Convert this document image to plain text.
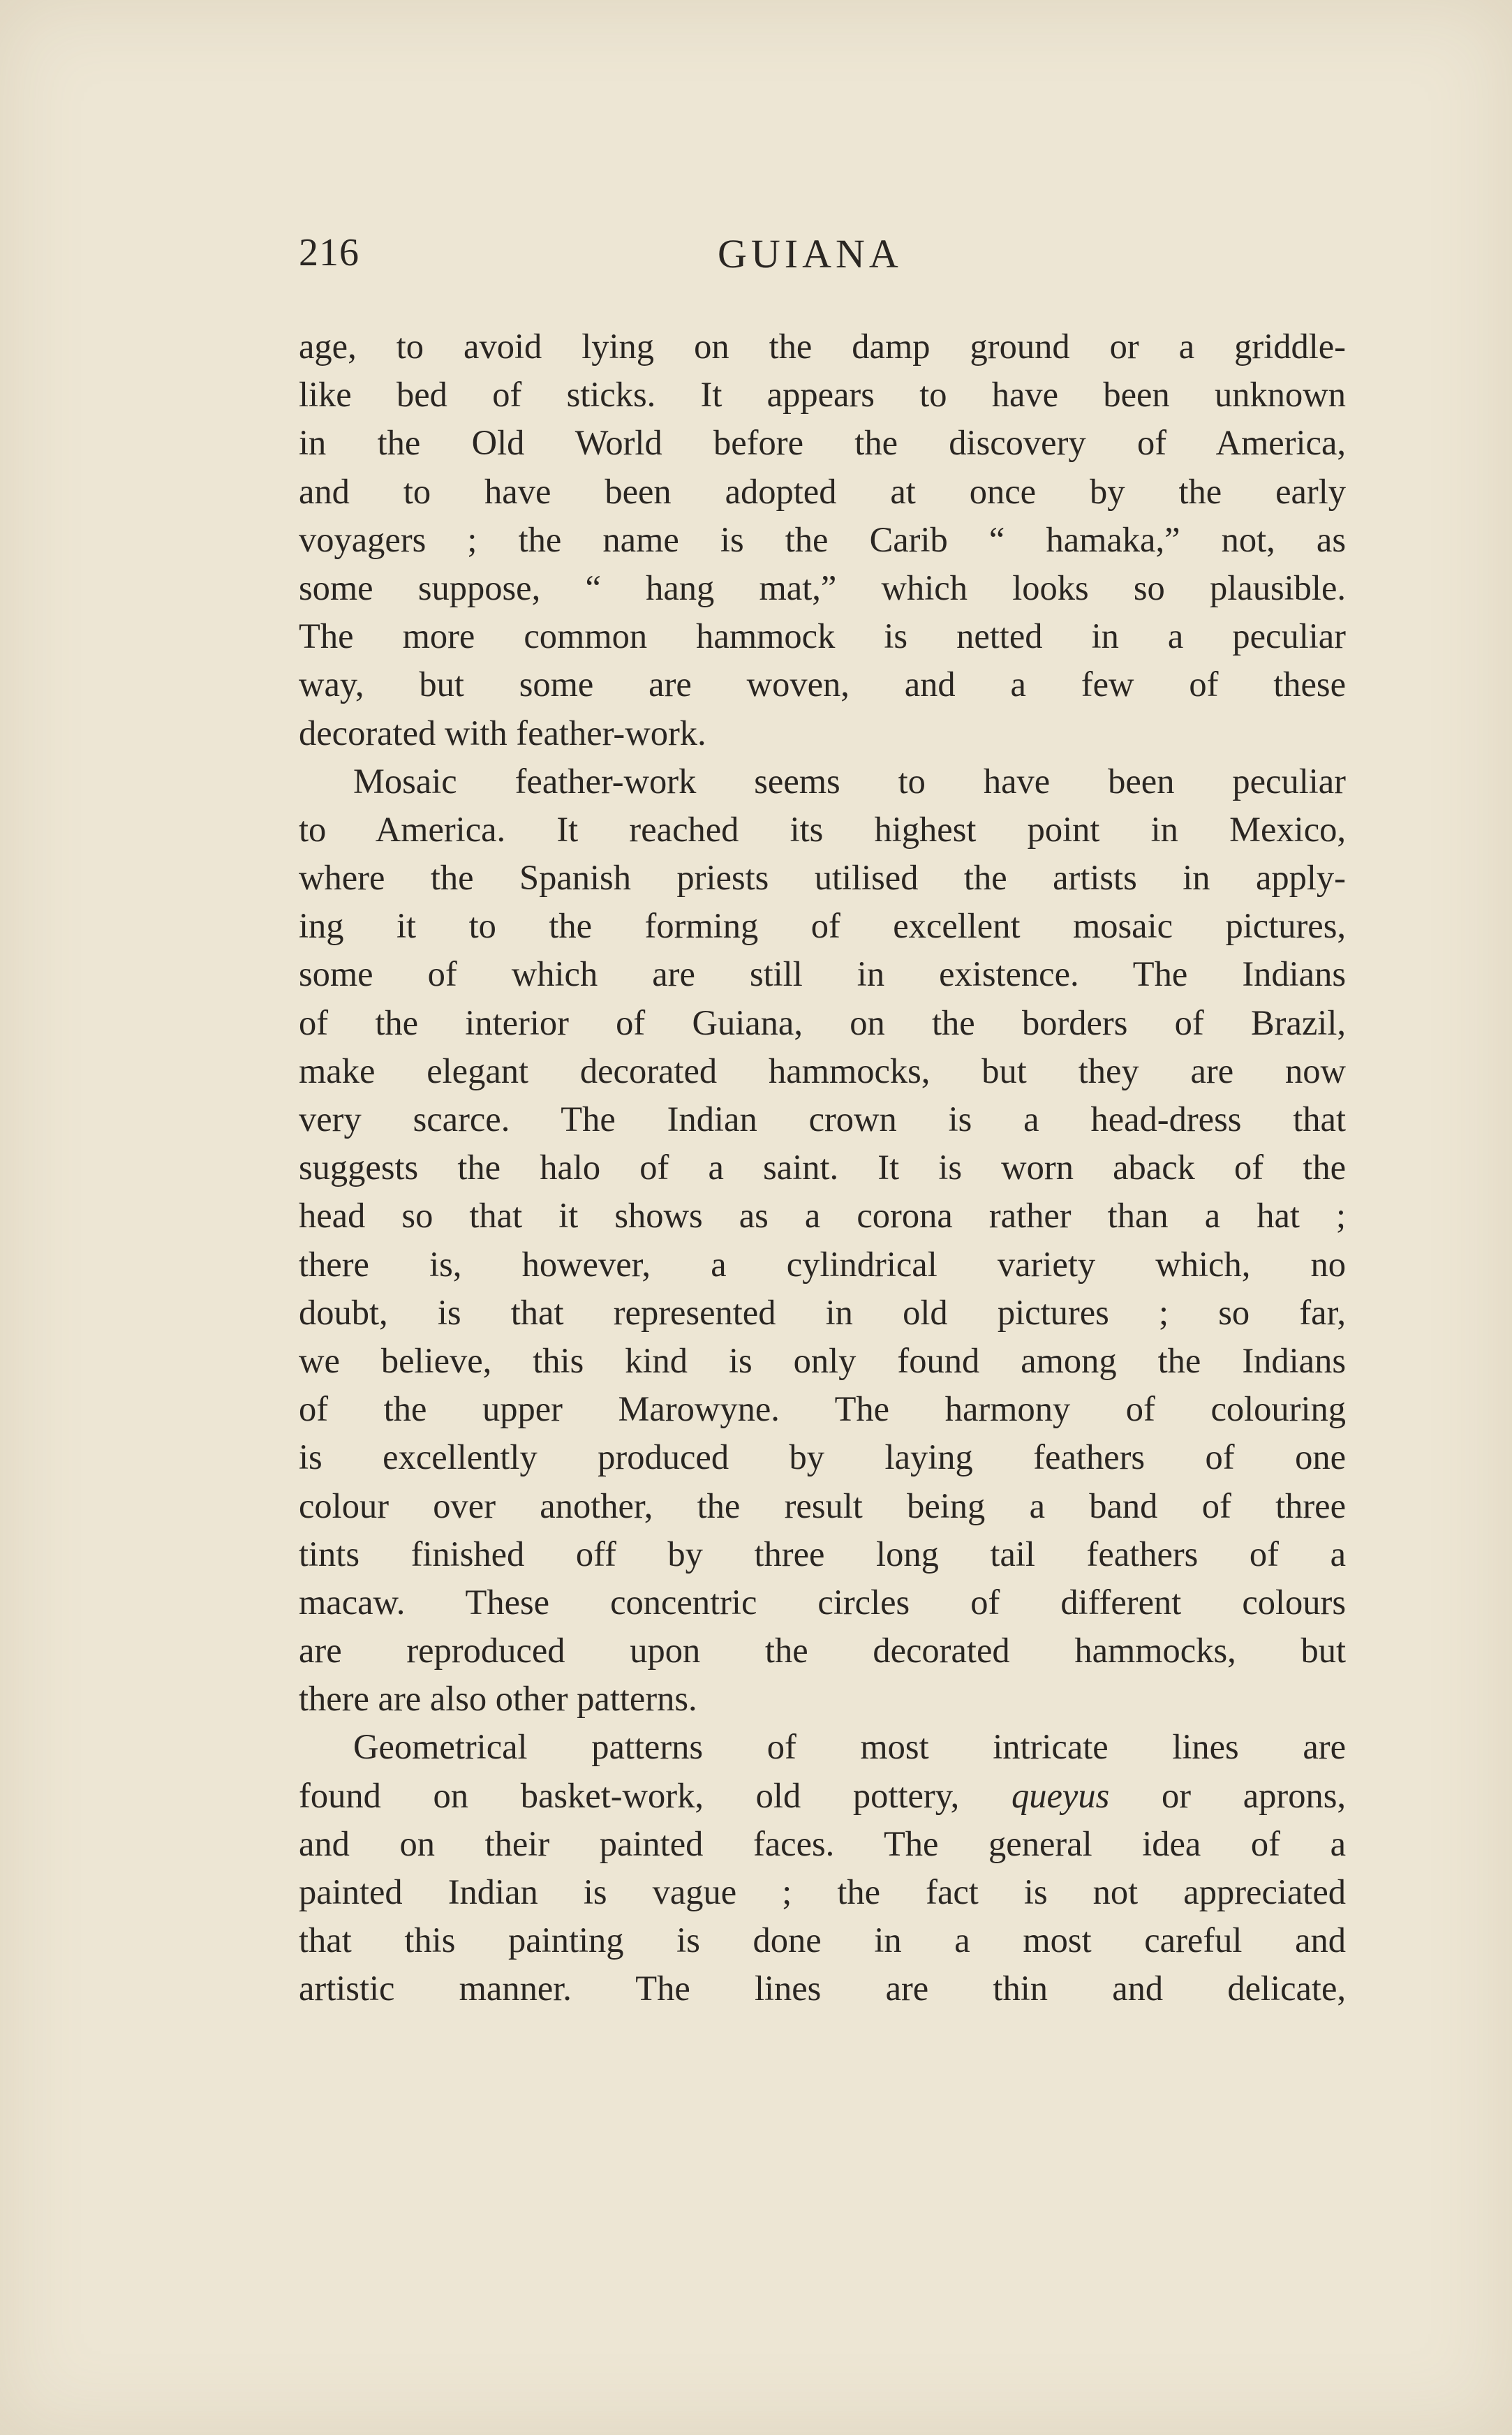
216	GUIANA
age, to avoid lying on the damp ground or a griddle-
like bed of sticks. It appears to have been unknown
in the Old World before the discovery of America,
and to have been adopted at once by the early
voyagers ; the name is the Carib “ hamaka,” not, as
some suppose, “ hang mat,” which looks so plausible.
The more common hammock is netted in a peculiar
way, but some are woven, and a few of these
decorated with feather-work.
Mosaic feather-work seems to have been peculiar
to America. It reached its highest point in Mexico,
where the Spanish priests utilised the artists in apply-
ing it to the forming of excellent mosaic pictures,
some of which are still in existence. The Indians
of the interior of Guiana, on the borders of Brazil,
make elegant decorated hammocks, but they are now
very scarce. The Indian crown is a head-dress that
suggests the halo of a saint. It is worn aback of the
head so that it shows as a corona rather than a hat ;
there is, however, a cylindrical variety which, no
doubt, is that represented in old pictures ; so far,
we believe, this kind is only found among the Indians
of the upper Marowyne. The harmony of colouring
is excellently produced by laying feathers of one
colour over another, the result being a band of three
tints finished off by three long tail feathers of a
macaw. These concentric circles of different colours
are reproduced upon the decorated hammocks, but
there are also other patterns.
Geometrical patterns of most intricate lines are
found on basket-work, old pottery, queyus or aprons,
and on their painted faces. The general idea of a
painted Indian is vague ; the fact is not appreciated
that this painting is done in a most careful and
artistic manner. The lines are thin and delicate,
